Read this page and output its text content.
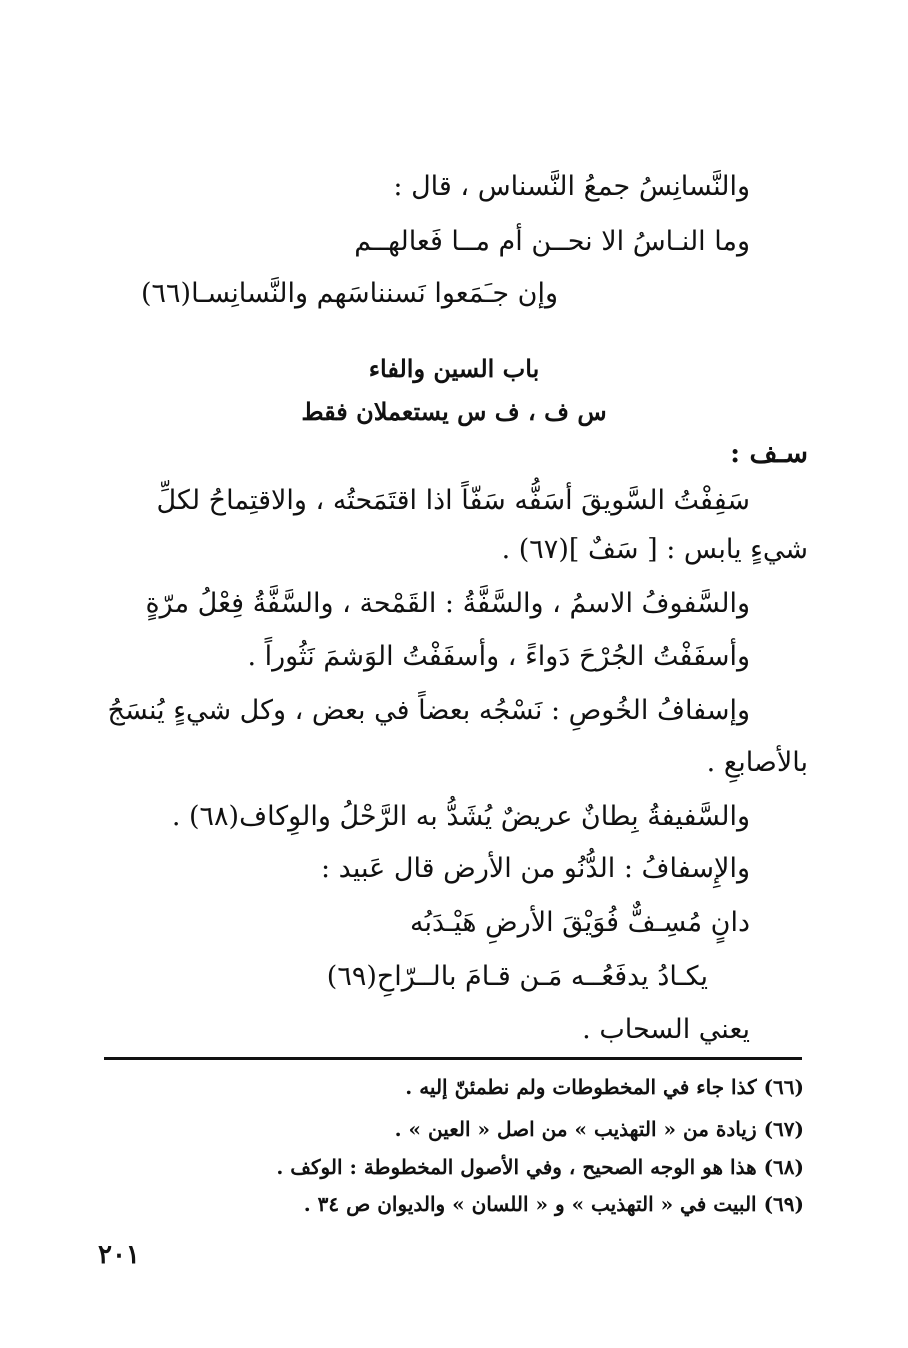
والنَّسانِسُ جمعُ النَّسناس ، قال :
وما النـاسُ الا نحــن أم مــا فَعالهــم
وإن جـَمَعوا نَسنناسَهم والنَّسانِسـا(٦٦)
باب السين والفاء
س ف ، ف س يستعملان فقط
سـف :
سَفِفْتُ السَّويقَ أسَفُّه سَفّاً اذا اقتَمَحتُه ، والاقتِماحُ لكلِّ
شيءٍ يابس : [ سَفٌ ](٦٧) .
والسَّفوفُ الاسمُ ، والسَّفَّةُ : القَمْحة ، والسَّفَّةُ فِعْلُ مرّةٍ
وأسفَفْتُ الجُرْحَ دَواءً ، وأسفَفْتُ الوَشمَ نَثُوراً .
وإسفافُ الخُوصِ : نَسْجُه بعضاً في بعض ، وكل شيءٍ يُنسَجُ
بالأصابعِ .
والسَّفيفةُ بِطانٌ عريضٌ يُشَدُّ به الرَّحْلُ والوِكاف(٦٨) .
والإِسفافُ : الدُّنُو من الأرض قال عَبيد :
دانٍ مُسِـفٌّ فُوَيْقَ الأرضِ هَيْـدَبُه
يكـادُ يدفَعُــه مَـن قـامَ بالــرّاحِ(٦٩)
يعني السحاب .
(٦٦) كذا جاء في المخطوطات ولم نطمئنّ إليه .
(٦٧) زيادة من « التهذيب » من اصل « العين » .
(٦٨) هذا هو الوجه الصحيح ، وفي الأصول المخطوطة : الوكف .
(٦٩) البيت في « التهذيب » و « اللسان » والديوان ص ٣٤ .
٢٠١
